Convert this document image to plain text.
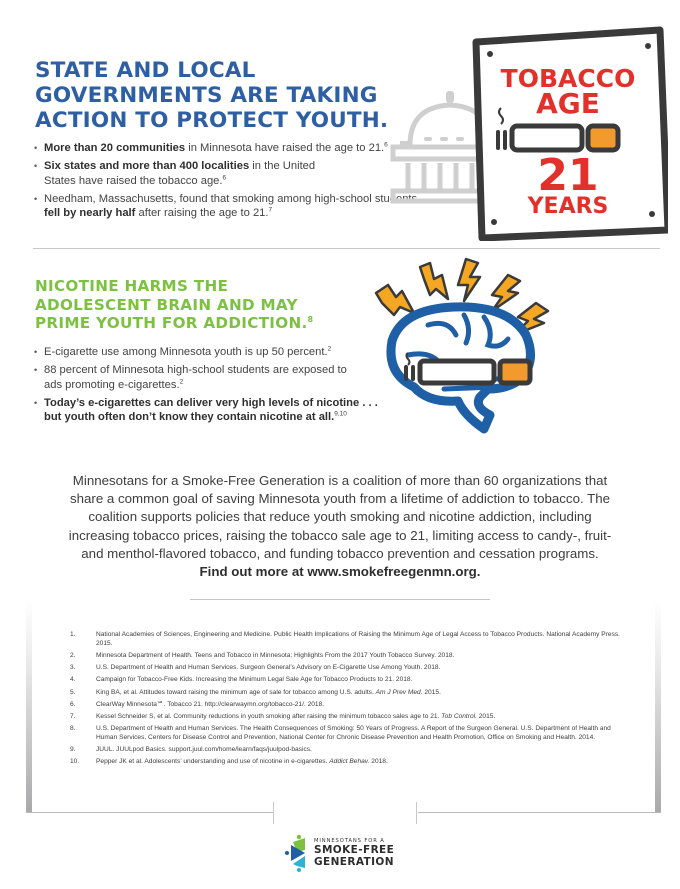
STATE AND LOCAL
GOVERNMENTS ARE TAKING
ACTION TO PROTECT YOUTH.
• More than 20 communities in Minnesota have raised the age to 21.$^6$
• Six states and more than 400 localities in the United States have raised the tobacco age.$^6$
• Needham, Massachusetts, found that smoking among high-school students fell by nearly half after raising the age to 21.$^7$
TOBACCO
AGE
21
YEARS
NICOTINE HARMS THE
ADOLESCENT BRAIN AND MAY
PRIME YOUTH FOR ADDICTION.$^8$
• E-cigarette use among Minnesota youth is up 50 percent.$^2$
• 88 percent of Minnesota high-school students are exposed to ads promoting e-cigarettes.$^2$
• Today’s e-cigarettes can deliver very high levels of nicotine . . . but youth often don’t know they contain nicotine at all.$^{9,10}$

Minnesotans for a Smoke-Free Generation is a coalition of more than 60 organizations that share a common goal of saving Minnesota youth from a lifetime of addiction to tobacco. The coalition supports policies that reduce youth smoking and nicotine addiction, including increasing tobacco prices, raising the tobacco sale age to 21, limiting access to candy-, fruit- and menthol-flavored tobacco, and funding tobacco prevention and cessation programs.
Find out more at www.smokefreegenmn.org.

1.	National Academies of Sciences, Engineering and Medicine. Public Health Implications of Raising the Minimum Age of Legal Access to Tobacco Products. National Academy Press. 2015.
2.	Minnesota Department of Health. Teens and Tobacco in Minnesota: Highlights From the 2017 Youth Tobacco Survey. 2018.
3.	U.S. Department of Health and Human Services. Surgeon General’s Advisory on E-Cigarette Use Among Youth. 2018.
4.	Campaign for Tobacco-Free Kids. Increasing the Minimum Legal Sale Age for Tobacco Products to 21. 2018.
5.	King BA, et al. Attitudes toward raising the minimum age of sale for tobacco among U.S. adults. Am J Prev Med. 2015.
6.	ClearWay Minnesota℠. Tobacco 21. http://clearwaymn.org/tobacco-21/. 2018.
7.	Kessel Schneider S, et al. Community reductions in youth smoking after raising the minimum tobacco sales age to 21. Tob Control. 2015.
8.	U.S. Department of Health and Human Services. The Health Consequences of Smoking: 50 Years of Progress. A Report of the Surgeon General. U.S. Department of Health and Human Services, Centers for Disease Control and Prevention, National Center for Chronic Disease Prevention and Health Promotion, Office on Smoking and Health. 2014.
9.	JUUL. JUULpod Basics. support.juul.com/home/learn/faqs/juulpod-basics.
10.	Pepper JK et al. Adolescents’ understanding and use of nicotine in e-cigarettes. Addict Behav. 2018.
MINNESOTANS FOR A
SMOKE-FREE
GENERATION
